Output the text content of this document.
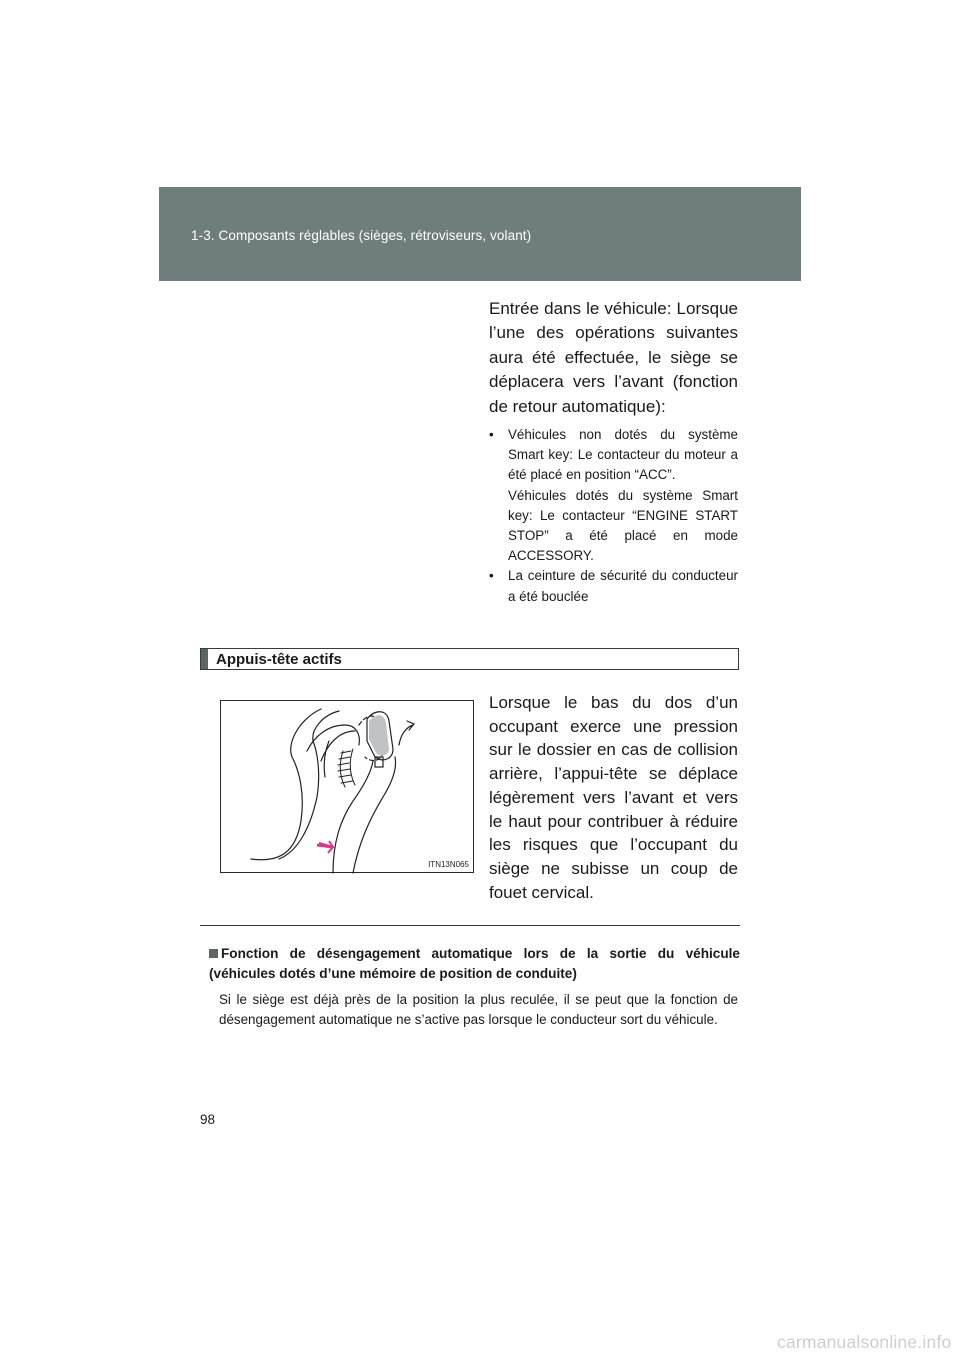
1-3. Composants réglables (sièges, rétroviseurs, volant)
Entrée dans le véhicule: Lorsque l’une des opérations suivantes aura été effectuée, le siège se déplacera vers l’avant (fonction de retour automatique):
• Véhicules non dotés du système Smart key: Le contacteur du moteur a été placé en position “ACC”.

Véhicules dotés du système Smart key: Le contacteur “ENGINE START STOP” a été placé en mode ACCESSORY.

• La ceinture de sécurité du conducteur a été bouclée

Appuis-tête actifs
ITN13N065
Lorsque le bas du dos d’un occupant exerce une pression sur le dossier en cas de collision arrière, l’appui-tête se déplace légèrement vers l’avant et vers le haut pour contribuer à réduire les risques que l’occupant du siège ne subisse un coup de fouet cervical.
Fonction de désengagement automatique lors de la sortie du véhicule (véhicules dotés d’une mémoire de position de conduite)
Si le siège est déjà près de la position la plus reculée, il se peut que la fonction de désengagement automatique ne s’active pas lorsque le conducteur sort du véhicule.
98
carmanualsonline.info
